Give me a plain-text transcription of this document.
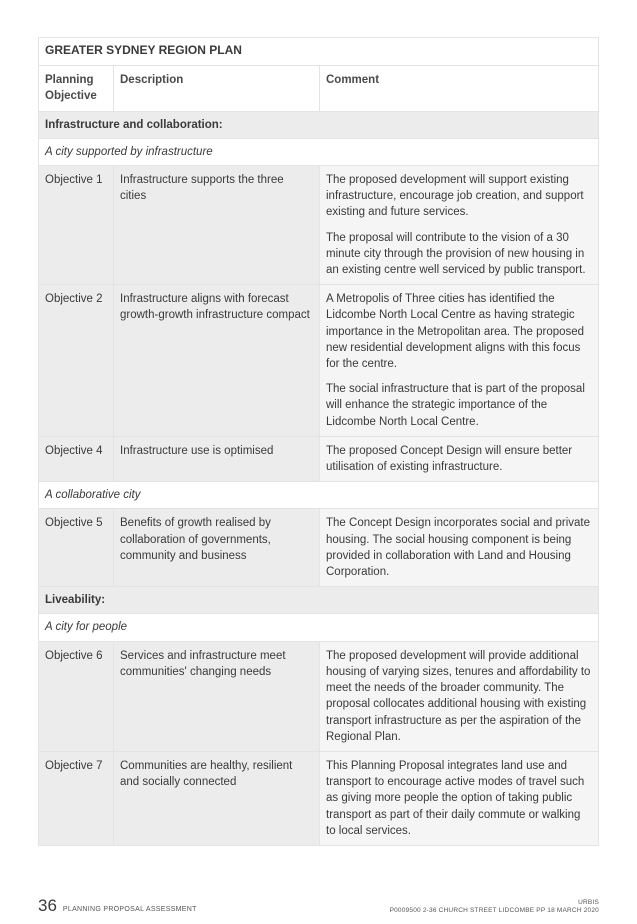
GREATER SYDNEY REGION PLAN		
Planning Objective	Description	Comment
Infrastructure and collaboration:		
A city supported by infrastructure		
Objective 1	Infrastructure supports the three cities	The proposed development will support existing infrastructure, encourage job creation, and support existing and future services.

The proposal will contribute to the vision of a 30 minute city through the provision of new housing in an existing centre well serviced by public transport.

Objective 2	Infrastructure aligns with forecast growth-growth infrastructure compact	A Metropolis of Three cities has identified the Lidcombe North Local Centre as having strategic importance in the Metropolitan area. The proposed new residential development aligns with this focus for the centre.

The social infrastructure that is part of the proposal will enhance the strategic importance of the Lidcombe North Local Centre.

Objective 4	Infrastructure use is optimised	The proposed Concept Design will ensure better utilisation of existing infrastructure.

A collaborative city		
Objective 5	Benefits of growth realised by collaboration of governments, community and business	The Concept Design incorporates social and private housing. The social housing component is being provided in collaboration with Land and Housing Corporation.

Liveability:		
A city for people		
Objective 6	Services and infrastructure meet communities' changing needs	The proposed development will provide additional housing of varying sizes, tenures and affordability to meet the needs of the broader community. The proposal collocates additional housing with existing transport infrastructure as per the aspiration of the Regional Plan.

Objective 7	Communities are healthy, resilient and socially connected	This Planning Proposal integrates land use and transport to encourage active modes of travel such as giving more people the option of taking public transport as part of their daily commute or walking to local services.

36 PLANNING PROPOSAL ASSESSMENT
URBIS
P0009500 2-36 CHURCH STREET LIDCOMBE PP 18 MARCH 2020
